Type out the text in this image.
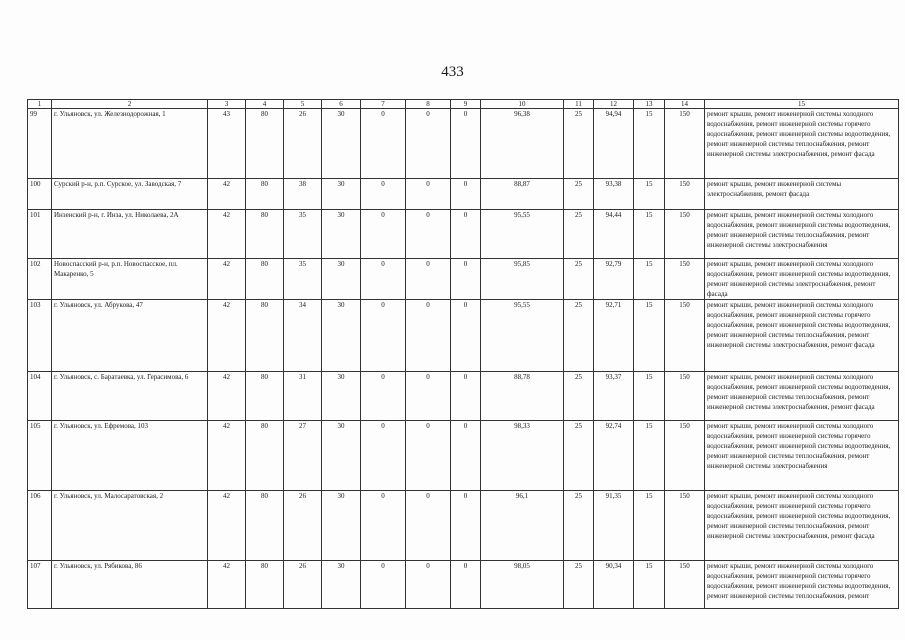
433
1	2	3	4	5	6	7	8	9	10	11	12	13	14	15
99	г. Ульяновск, ул. Железнодорожная, 1	43	80	26	30	0	0	0	96,38	25	94,94	15	150	ремонт крыши, ремонт инженерной системы холодного водоснабжения, ремонт инженерной системы горячего водоснабжения, ремонт инженерной системы водоотведения, ремонт инженерной системы теплоснабжения, ремонт инженерной системы электроснабжения, ремонт фасада
100	Сурский р-н, р.п. Сурское, ул. Заводская, 7	42	80	38	30	0	0	0	88,87	25	93,38	15	150	ремонт крыши, ремонт инженерной системы электроснабжения, ремонт фасада
101	Инзенский р-н, г. Инза, ул. Николаева, 2А	42	80	35	30	0	0	0	95,55	25	94,44	15	150	ремонт крыши, ремонт инженерной системы холодного водоснабжения, ремонт инженерной системы водоотведения, ремонт инженерной системы теплоснабжения, ремонт инженерной системы электроснабжения
102	Новоспасский р-н, р.п. Новоспасское, пл. Макаренко, 5	42	80	35	30	0	0	0	95,85	25	92,79	15	150	ремонт крыши, ремонт инженерной системы холодного водоснабжения, ремонт инженерной системы водоотведения, ремонт инженерной системы электроснабжения, ремонт фасада
103	г. Ульяновск, ул. Абрукова, 47	42	80	34	30	0	0	0	95,55	25	92,71	15	150	ремонт крыши, ремонт инженерной системы холодного водоснабжения, ремонт инженерной системы горячего водоснабжения, ремонт инженерной системы водоотведения, ремонт инженерной системы теплоснабжения, ремонт инженерной системы электроснабжения, ремонт фасада
104	г. Ульяновск, с. Баратаевка, ул. Герасимова, 6	42	80	31	30	0	0	0	88,78	25	93,37	15	150	ремонт крыши, ремонт инженерной системы холодного водоснабжения, ремонт инженерной системы водоотведения, ремонт инженерной системы теплоснабжения, ремонт инженерной системы электроснабжения, ремонт фасада
105	г. Ульяновск, ул. Ефремова, 103	42	80	27	30	0	0	0	98,33	25	92,74	15	150	ремонт крыши, ремонт инженерной системы холодного водоснабжения, ремонт инженерной системы горячего водоснабжения, ремонт инженерной системы водоотведения, ремонт инженерной системы теплоснабжения, ремонт инженерной системы электроснабжения
106	г. Ульяновск, ул. Малосаратовская, 2	42	80	26	30	0	0	0	96,1	25	91,35	15	150	ремонт крыши, ремонт инженерной системы холодного водоснабжения, ремонт инженерной системы горячего водоснабжения, ремонт инженерной системы водоотведения, ремонт инженерной системы теплоснабжения, ремонт инженерной системы электроснабжения, ремонт фасада
107	г. Ульяновск, ул. Рябикова, 86	42	80	26	30	0	0	0	98,05	25	90,34	15	150	ремонт крыши, ремонт инженерной системы холодного водоснабжения, ремонт инженерной системы горячего водоснабжения, ремонт инженерной системы водоотведения, ремонт инженерной системы теплоснабжения, ремонт
